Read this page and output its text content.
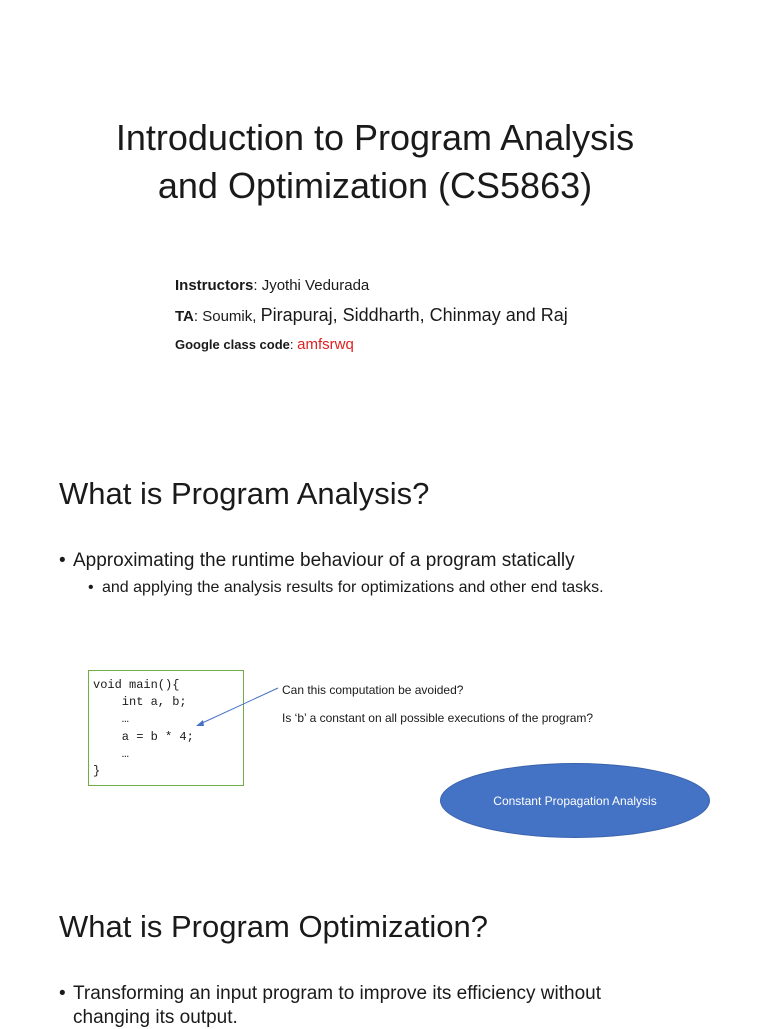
Introduction to Program Analysis
and Optimization (CS5863)
Instructors: Jyothi Vedurada
TA: Soumik, Pirapuraj, Siddharth, Chinmay and Raj
Google class code: amfsrwq
What is Program Analysis?
• Approximating the runtime behaviour of a program statically
• and applying the analysis results for optimizations and other end tasks.
void main(){
int a, b;
…
a = b * 4;
…
}
Can this computation be avoided?
Is ‘b’ a constant on all possible executions of the program?
Constant Propagation Analysis
What is Program Optimization?
• Transforming an input program to improve its efficiency without
changing its output.
